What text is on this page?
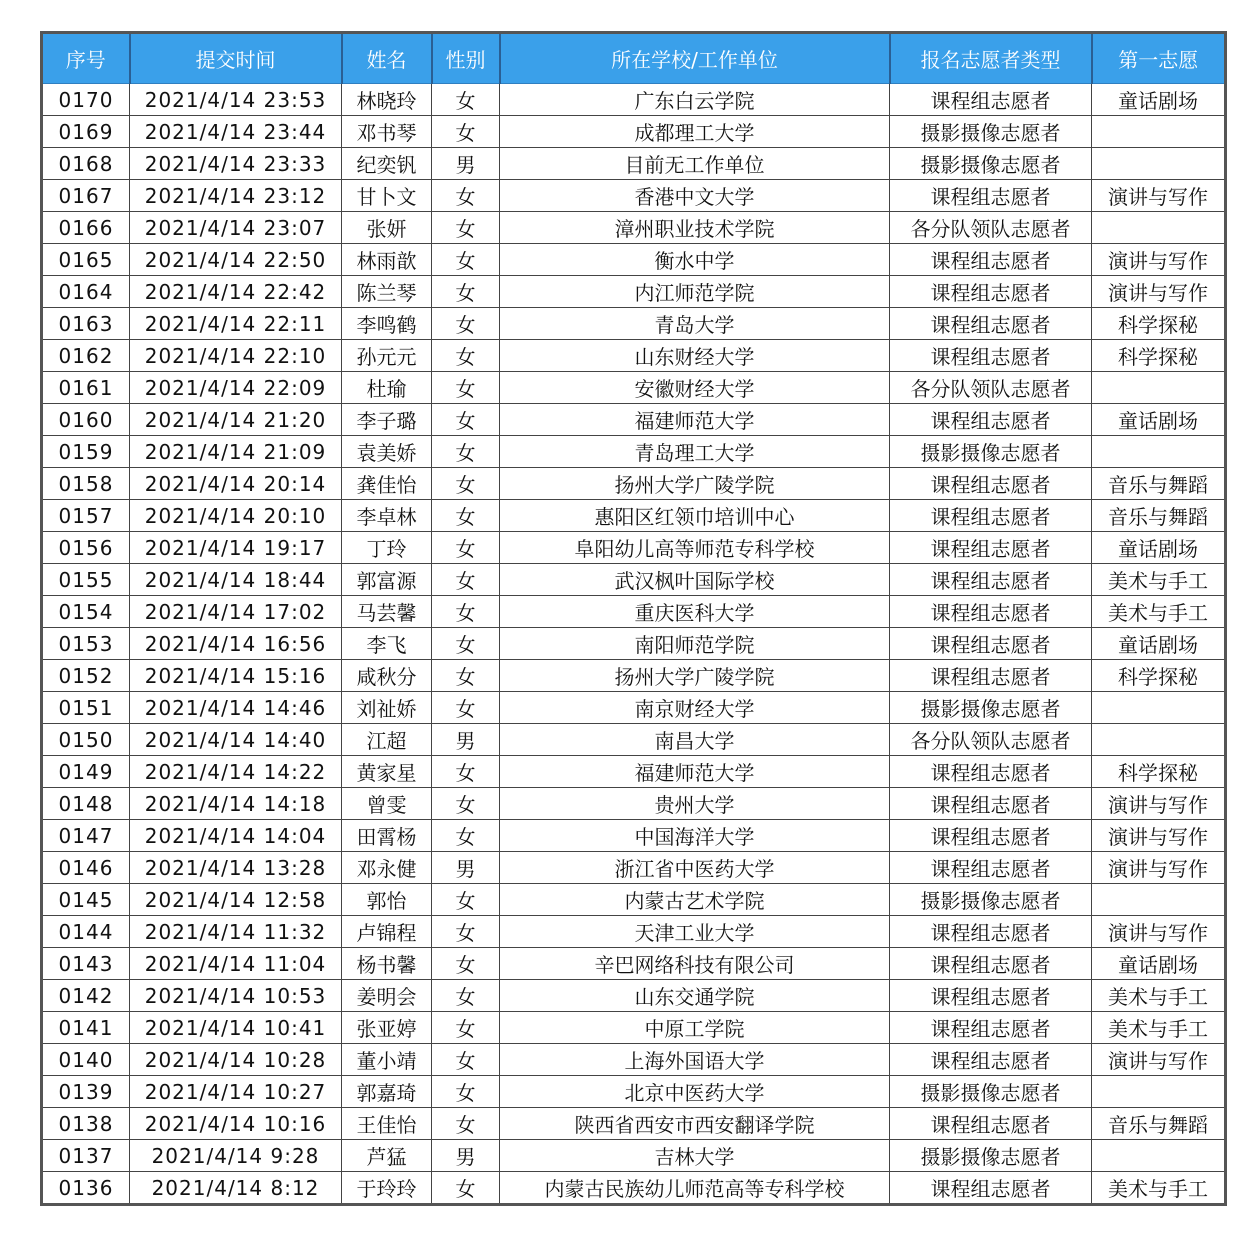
序号	提交时间	姓名	性别	所在学校/工作单位	报名志愿者类型	第一志愿
0170	2021/4/14 23:53	林晓玲	女	广东白云学院	课程组志愿者	童话剧场
0169	2021/4/14 23:44	邓书琴	女	成都理工大学	摄影摄像志愿者	
0168	2021/4/14 23:33	纪奕钒	男	目前无工作单位	摄影摄像志愿者	
0167	2021/4/14 23:12	甘卜文	女	香港中文大学	课程组志愿者	演讲与写作
0166	2021/4/14 23:07	张妍	女	漳州职业技术学院	各分队领队志愿者	
0165	2021/4/14 22:50	林雨歆	女	衡水中学	课程组志愿者	演讲与写作
0164	2021/4/14 22:42	陈兰琴	女	内江师范学院	课程组志愿者	演讲与写作
0163	2021/4/14 22:11	李鸣鹤	女	青岛大学	课程组志愿者	科学探秘
0162	2021/4/14 22:10	孙元元	女	山东财经大学	课程组志愿者	科学探秘
0161	2021/4/14 22:09	杜瑜	女	安徽财经大学	各分队领队志愿者	
0160	2021/4/14 21:20	李子璐	女	福建师范大学	课程组志愿者	童话剧场
0159	2021/4/14 21:09	袁美娇	女	青岛理工大学	摄影摄像志愿者	
0158	2021/4/14 20:14	龚佳怡	女	扬州大学广陵学院	课程组志愿者	音乐与舞蹈
0157	2021/4/14 20:10	李卓林	女	惠阳区红领巾培训中心	课程组志愿者	音乐与舞蹈
0156	2021/4/14 19:17	丁玲	女	阜阳幼儿高等师范专科学校	课程组志愿者	童话剧场
0155	2021/4/14 18:44	郭富源	女	武汉枫叶国际学校	课程组志愿者	美术与手工
0154	2021/4/14 17:02	马芸馨	女	重庆医科大学	课程组志愿者	美术与手工
0153	2021/4/14 16:56	李飞	女	南阳师范学院	课程组志愿者	童话剧场
0152	2021/4/14 15:16	咸秋分	女	扬州大学广陵学院	课程组志愿者	科学探秘
0151	2021/4/14 14:46	刘祉娇	女	南京财经大学	摄影摄像志愿者	
0150	2021/4/14 14:40	江超	男	南昌大学	各分队领队志愿者	
0149	2021/4/14 14:22	黄家星	女	福建师范大学	课程组志愿者	科学探秘
0148	2021/4/14 14:18	曾雯	女	贵州大学	课程组志愿者	演讲与写作
0147	2021/4/14 14:04	田霄杨	女	中国海洋大学	课程组志愿者	演讲与写作
0146	2021/4/14 13:28	邓永健	男	浙江省中医药大学	课程组志愿者	演讲与写作
0145	2021/4/14 12:58	郭怡	女	内蒙古艺术学院	摄影摄像志愿者	
0144	2021/4/14 11:32	卢锦程	女	天津工业大学	课程组志愿者	演讲与写作
0143	2021/4/14 11:04	杨书馨	女	辛巴网络科技有限公司	课程组志愿者	童话剧场
0142	2021/4/14 10:53	姜明会	女	山东交通学院	课程组志愿者	美术与手工
0141	2021/4/14 10:41	张亚婷	女	中原工学院	课程组志愿者	美术与手工
0140	2021/4/14 10:28	董小靖	女	上海外国语大学	课程组志愿者	演讲与写作
0139	2021/4/14 10:27	郭嘉琦	女	北京中医药大学	摄影摄像志愿者	
0138	2021/4/14 10:16	王佳怡	女	陕西省西安市西安翻译学院	课程组志愿者	音乐与舞蹈
0137	2021/4/14 9:28	芦猛	男	吉林大学	摄影摄像志愿者	
0136	2021/4/14 8:12	于玲玲	女	内蒙古民族幼儿师范高等专科学校	课程组志愿者	美术与手工
